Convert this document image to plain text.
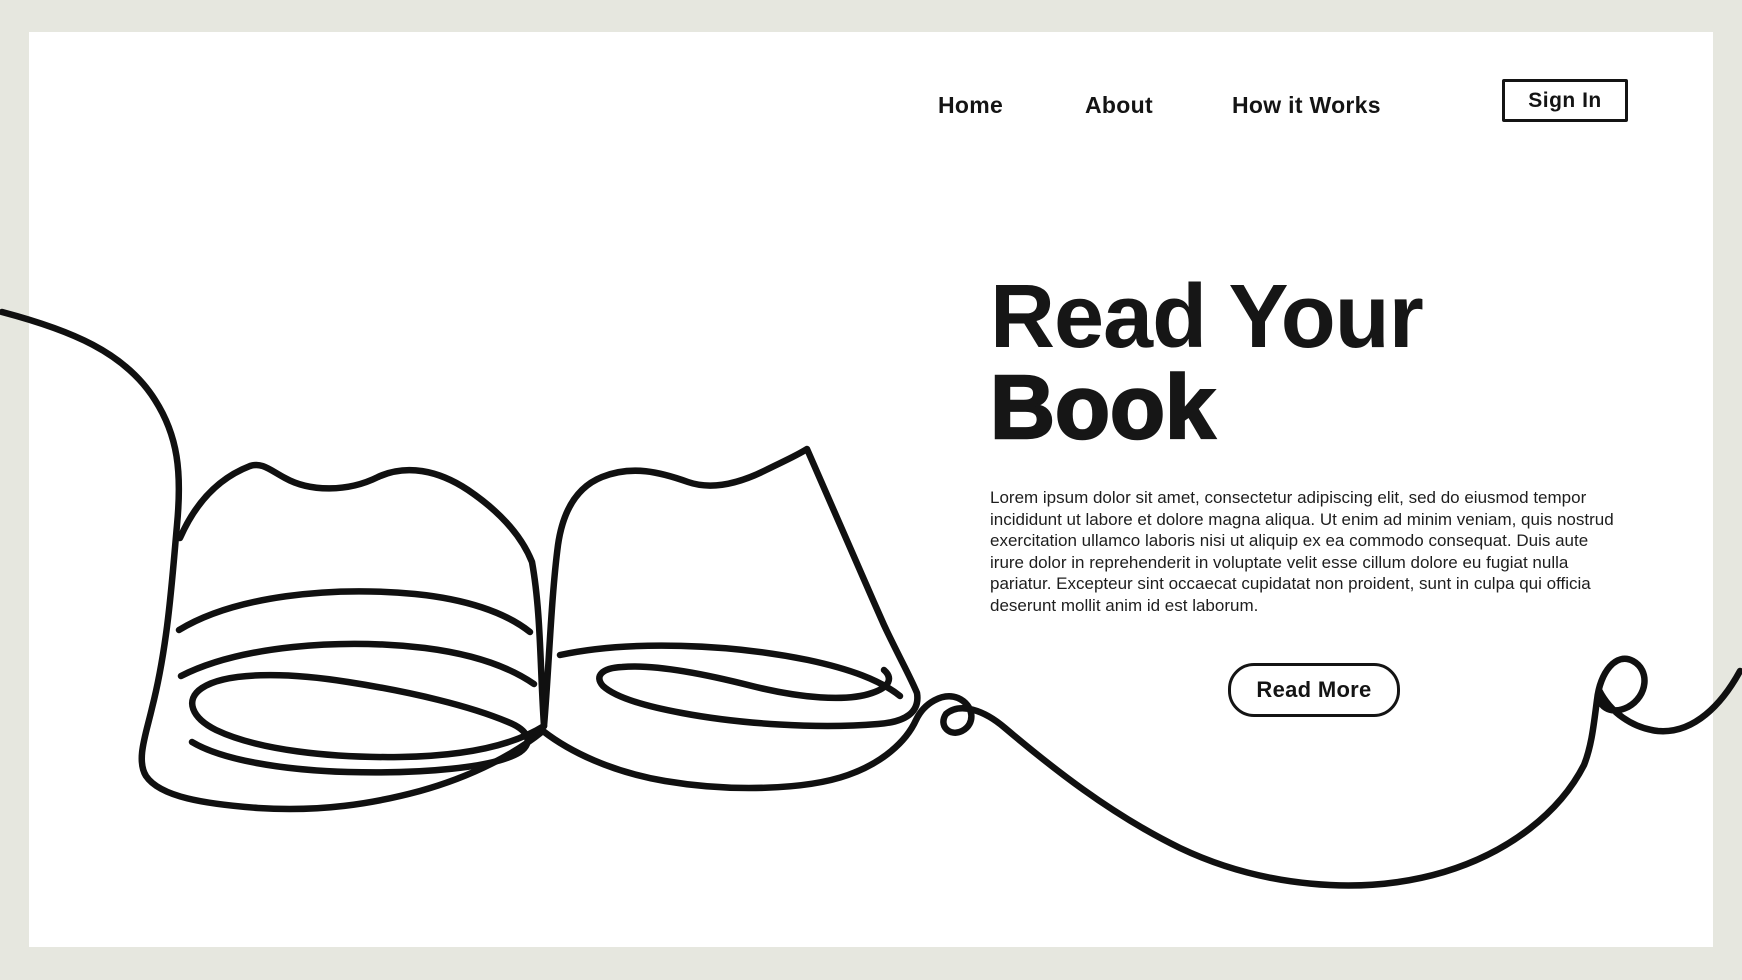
Home	About	How it Works	Sign In
Read Your
Book

Lorem ipsum dolor sit amet, consectetur adipiscing elit, sed do eiusmod tempor incididunt ut labore et dolore magna aliqua. Ut enim ad minim veniam, quis nostrud exercitation ullamco laboris nisi ut aliquip ex ea commodo consequat. Duis aute irure dolor in reprehenderit in voluptate velit esse cillum dolore eu fugiat nulla pariatur. Excepteur sint occaecat cupidatat non proident, sunt in culpa qui officia deserunt mollit anim id est laborum.

Read More
